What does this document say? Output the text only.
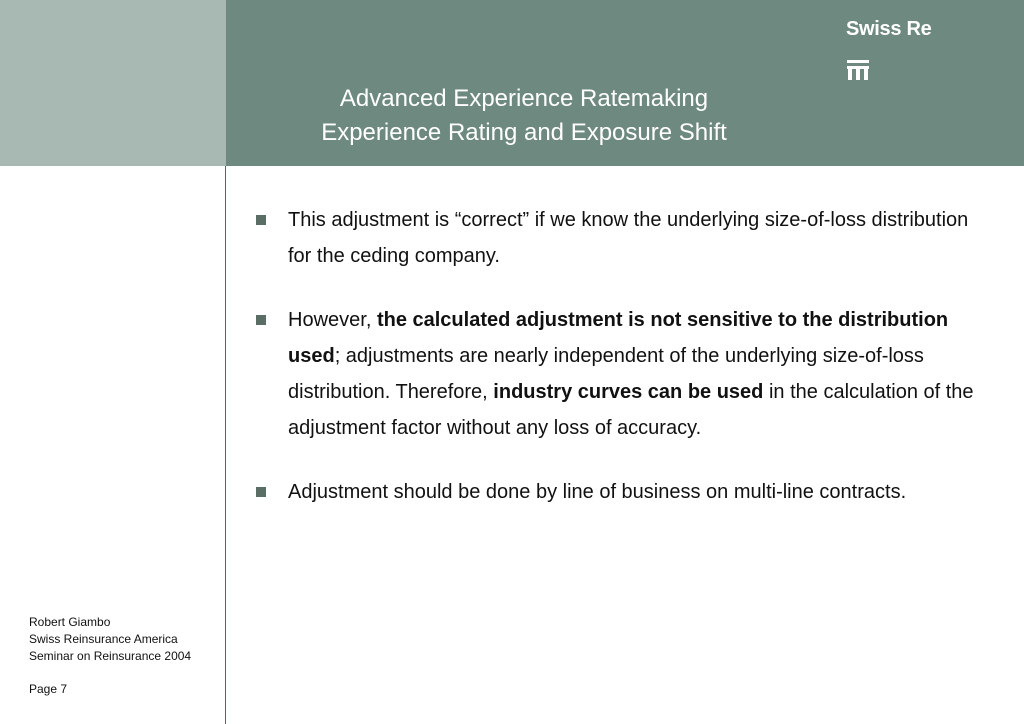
Advanced Experience Ratemaking
Experience Rating and Exposure Shift
Swiss Re
This adjustment is “correct” if we know the underlying size-of-loss distribution for the ceding company.
However, the calculated adjustment is not sensitive to the distribution used; adjustments are nearly independent of the underlying size-of-loss distribution. Therefore, industry curves can be used in the calculation of the adjustment factor without any loss of accuracy.
Adjustment should be done by line of business on multi-line contracts.
Robert Giambo
Swiss Reinsurance America
Seminar on Reinsurance 2004
Page 7
